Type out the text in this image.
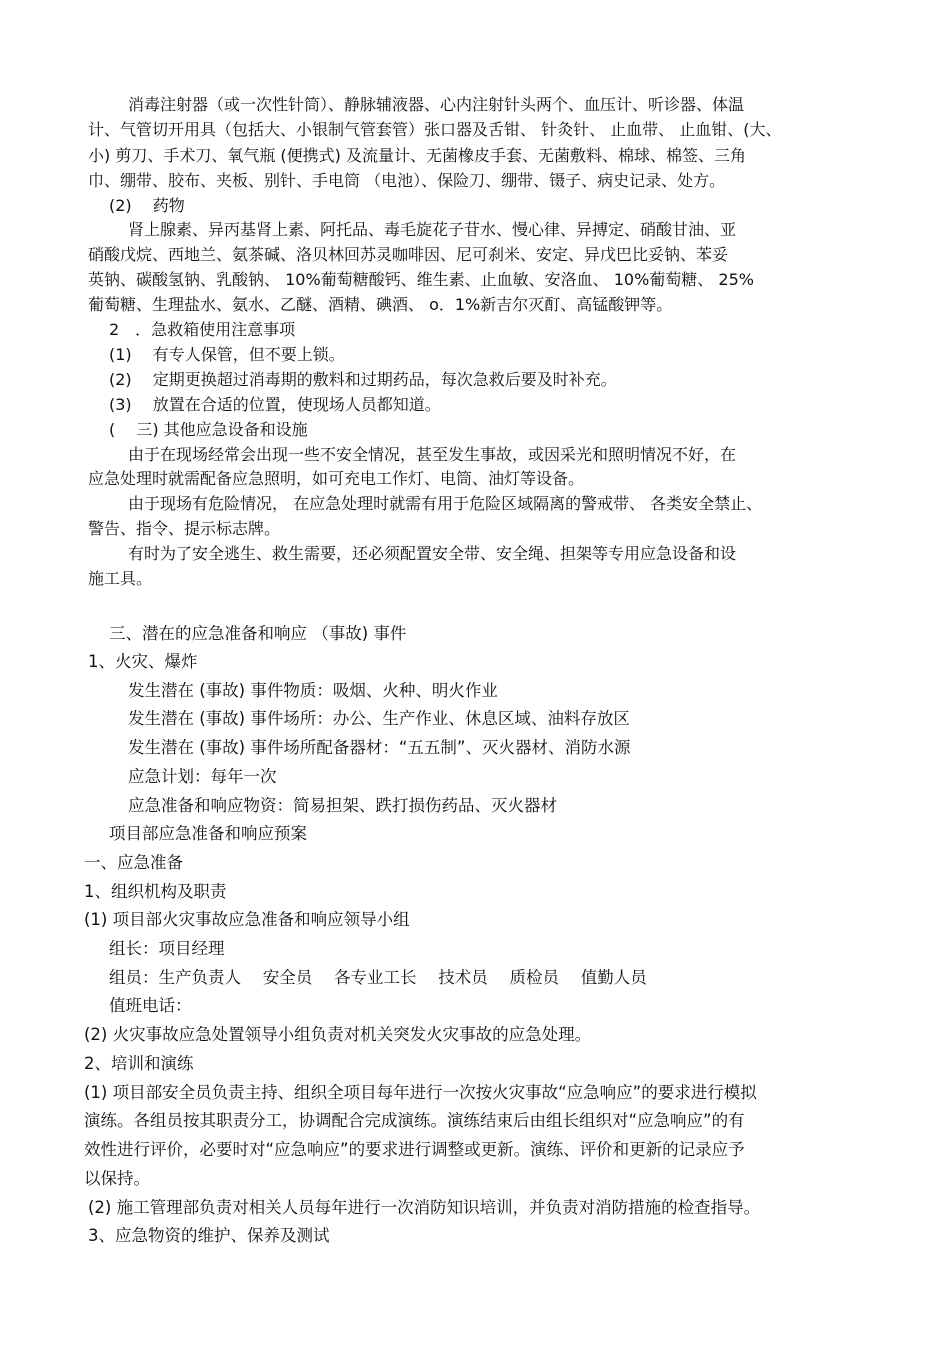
消毒注射器（或一次性针筒）、静脉辅液器、心内注射针头两个、血压计、听诊器、体温
计、气管切开用具（包括大、小银制气管套管）张口器及舌钳、 针灸针、 止血带、 止血钳、(大、
小) 剪刀、手术刀、氧气瓶 (便携式) 及流量计、无菌橡皮手套、无菌敷料、棉球、棉签、三角
巾、绷带、胶布、夹板、别针、手电筒 （电池）、保险刀、绷带、镊子、病史记录、处方。
(2)　 药物
肾上腺素、异丙基肾上素、阿托品、毒毛旋花子苷水、慢心律、异搏定、硝酸甘油、亚
硝酸戊烷、西地兰、氨茶碱、洛贝林回苏灵咖啡因、尼可刹米、安定、异戊巴比妥钠、苯妥
英钠、碳酸氢钠、乳酸钠、 10%葡萄糖酸钙、维生素、止血敏、安洛血、 10%葡萄糖、 25%
葡萄糖、生理盐水、氨水、乙醚、酒精、碘酒、 o．1%新吉尔灭酊、高锰酸钾等。
2　．急救箱使用注意事项
(1)　 有专人保管，但不要上锁。
(2)　 定期更换超过消毒期的敷料和过期药品，每次急救后要及时补充。
(3)　 放置在合适的位置，使现场人员都知道。
(　 三) 其他应急设备和设施
由于在现场经常会出现一些不安全情况，甚至发生事故，或因采光和照明情况不好，在
应急处理时就需配备应急照明，如可充电工作灯、电筒、油灯等设备。
由于现场有危险情况， 在应急处理时就需有用于危险区域隔离的警戒带、 各类安全禁止、
警告、指令、提示标志牌。
有时为了安全逃生、救生需要，还必须配置安全带、安全绳、担架等专用应急设备和设
施工具。
三、潜在的应急准备和响应 （事故) 事件
1、火灾、爆炸
发生潜在 (事故) 事件物质：吸烟、火种、明火作业
发生潜在 (事故) 事件场所：办公、生产作业、休息区域、油料存放区
发生潜在 (事故) 事件场所配备器材：“五五制”、灭火器材、消防水源
应急计划：每年一次
应急准备和响应物资：简易担架、跌打损伤药品、灭火器材
项目部应急准备和响应预案
一、应急准备
1、组织机构及职责
(1) 项目部火灾事故应急准备和响应领导小组
组长：项目经理
组员：生产负责人 　安全员 　各专业工长 　技术员 　质检员 　值勤人员
值班电话：
(2) 火灾事故应急处置领导小组负责对机关突发火灾事故的应急处理。
2、培训和演练
(1) 项目部安全员负责主持、组织全项目每年进行一次按火灾事故“应急响应”的要求进行模拟
演练。各组员按其职责分工，协调配合完成演练。演练结束后由组长组织对“应急响应”的有
效性进行评价，必要时对“应急响应”的要求进行调整或更新。演练、评价和更新的记录应予
以保持。
(2) 施工管理部负责对相关人员每年进行一次消防知识培训，并负责对消防措施的检查指导。
3、应急物资的维护、保养及测试
